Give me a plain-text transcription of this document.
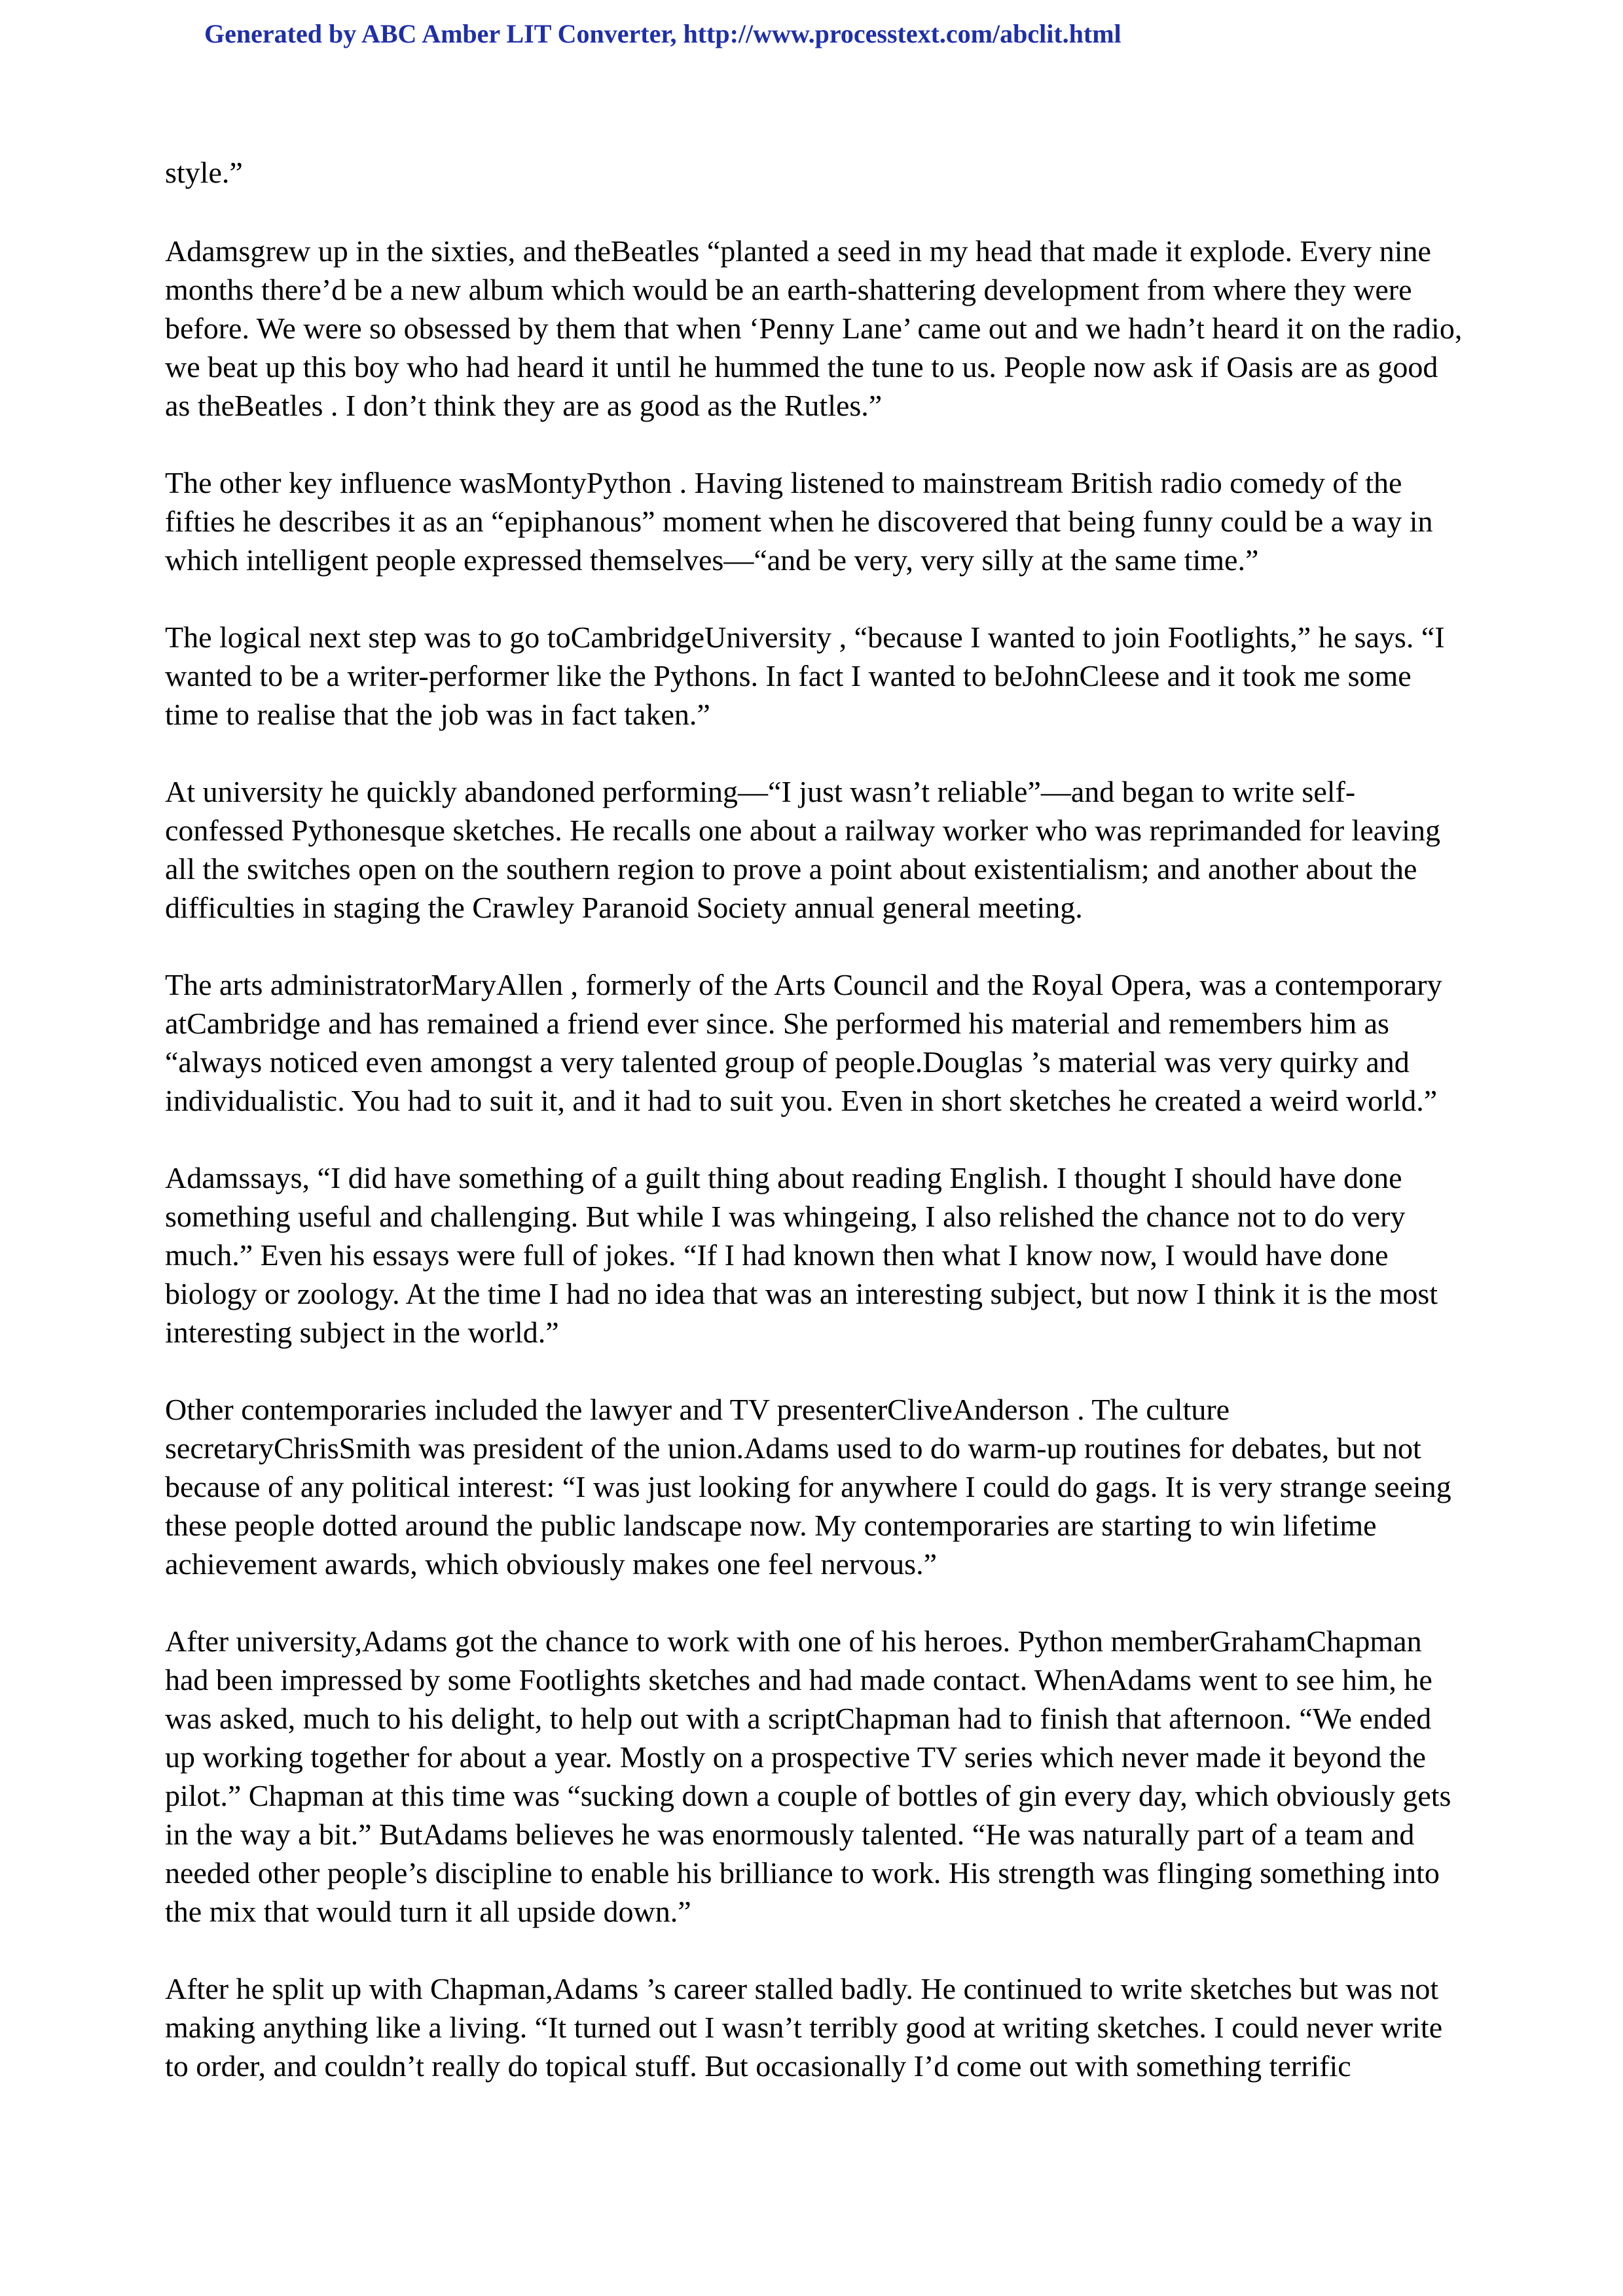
Generated by ABC Amber LIT Converter, http://www.processtext.com/abclit.html

style.”

Adamsgrew up in the sixties, and theBeatles “planted a seed in my head that made it explode. Every nine months there’d be a new album which would be an earth-shattering development from where they were before. We were so obsessed by them that when ‘Penny Lane’ came out and we hadn’t heard it on the radio, we beat up this boy who had heard it until he hummed the tune to us. People now ask if Oasis are as good as theBeatles . I don’t think they are as good as the Rutles.”

The other key influence wasMontyPython . Having listened to mainstream British radio comedy of the fifties he describes it as an “epiphanous” moment when he discovered that being funny could be a way in which intelligent people expressed themselves—“and be very, very silly at the same time.”

The logical next step was to go toCambridgeUniversity , “because I wanted to join Footlights,” he says. “I wanted to be a writer-performer like the Pythons. In fact I wanted to beJohnCleese and it took me some time to realise that the job was in fact taken.”

At university he quickly abandoned performing—“I just wasn’t reliable”—and began to write self-confessed Pythonesque sketches. He recalls one about a railway worker who was reprimanded for leaving all the switches open on the southern region to prove a point about existentialism; and another about the difficulties in staging the Crawley Paranoid Society annual general meeting.

The arts administratorMaryAllen , formerly of the Arts Council and the Royal Opera, was a contemporary atCambridge and has remained a friend ever since. She performed his material and remembers him as “always noticed even amongst a very talented group of people.Douglas ’s material was very quirky and individualistic. You had to suit it, and it had to suit you. Even in short sketches he created a weird world.”

Adamssays, “I did have something of a guilt thing about reading English. I thought I should have done something useful and challenging. But while I was whingeing, I also relished the chance not to do very much.” Even his essays were full of jokes. “If I had known then what I know now, I would have done biology or zoology. At the time I had no idea that was an interesting subject, but now I think it is the most interesting subject in the world.”

Other contemporaries included the lawyer and TV presenterCliveAnderson . The culture secretaryChrisSmith was president of the union.Adams used to do warm-up routines for debates, but not because of any political interest: “I was just looking for anywhere I could do gags. It is very strange seeing these people dotted around the public landscape now. My contemporaries are starting to win lifetime achievement awards, which obviously makes one feel nervous.”

After university,Adams got the chance to work with one of his heroes. Python memberGrahamChapman had been impressed by some Footlights sketches and had made contact. WhenAdams went to see him, he was asked, much to his delight, to help out with a scriptChapman had to finish that afternoon. “We ended up working together for about a year. Mostly on a prospective TV series which never made it beyond the pilot.” Chapman at this time was “sucking down a couple of bottles of gin every day, which obviously gets in the way a bit.” ButAdams believes he was enormously talented. “He was naturally part of a team and needed other people’s discipline to enable his brilliance to work. His strength was flinging something into the mix that would turn it all upside down.”

After he split up with Chapman,Adams ’s career stalled badly. He continued to write sketches but was not making anything like a living. “It turned out I wasn’t terribly good at writing sketches. I could never write to order, and couldn’t really do topical stuff. But occasionally I’d come out with something terrific
